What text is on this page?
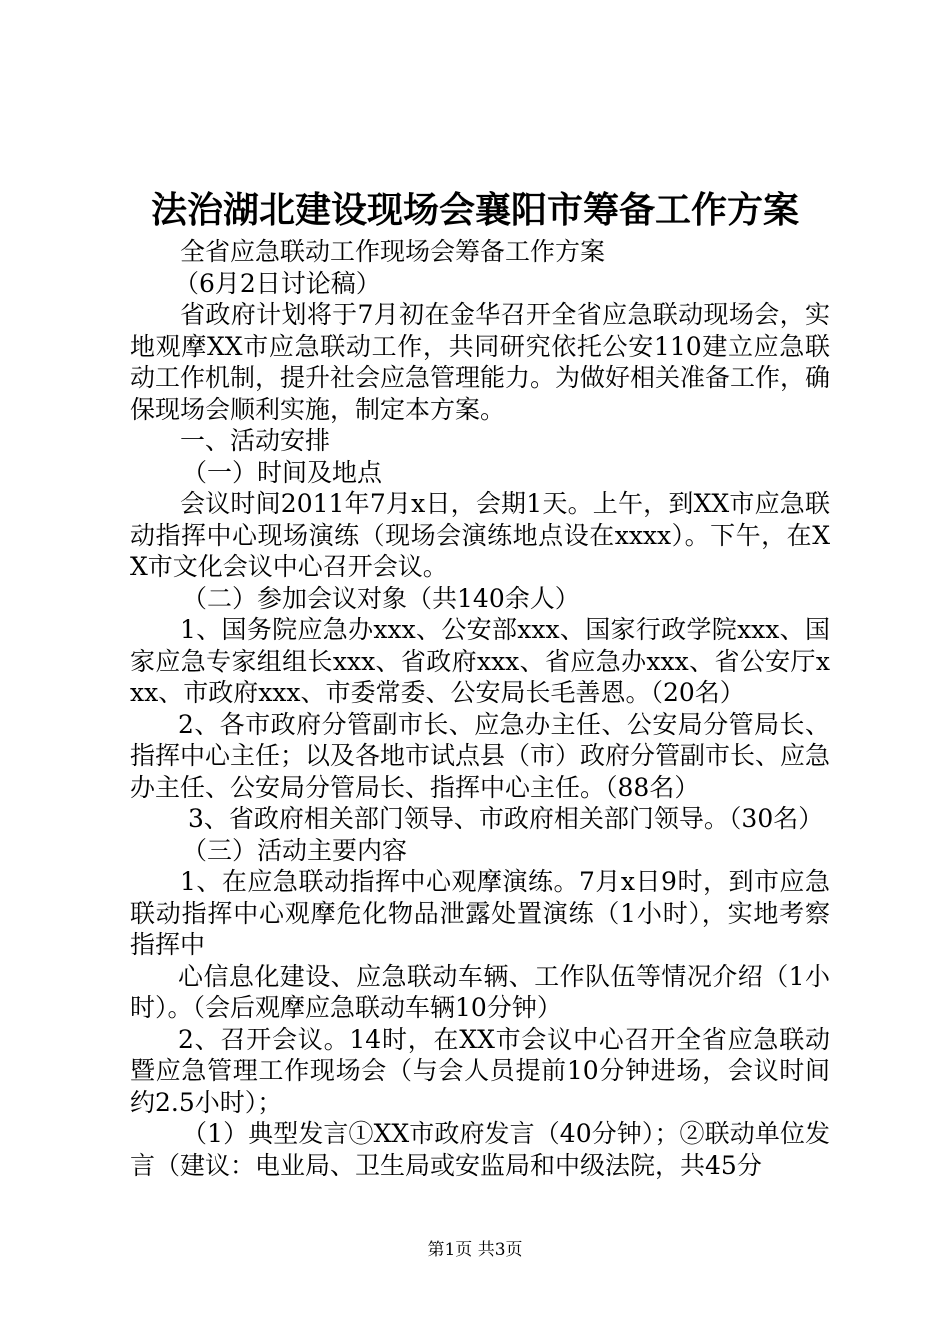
法治湖北建设现场会襄阳市筹备工作方案

全省应急联动工作现场会筹备工作方案

（6月2日讨论稿）

省政府计划将于7月初在金华召开全省应急联动现场会，实地观摩XX市应急联动工作，共同研究依托公安110建立应急联动工作机制，提升社会应急管理能力。为做好相关准备工作，确保现场会顺利实施，制定本方案。

一、活动安排

（一）时间及地点

会议时间2011年7月x日，会期1天。上午，到XX市应急联动指挥中心现场演练（现场会演练地点设在xxxx）。下午，在XX市文化会议中心召开会议。

（二）参加会议对象（共140余人）

1、国务院应急办xxx、公安部xxx、国家行政学院xxx、国家应急专家组组长xxx、省政府xxx、省应急办xxx、省公安厅xxx、市政府xxx、市委常委、公安局长毛善恩。（20名）

2、各市政府分管副市长、应急办主任、公安局分管局长、指挥中心主任；以及各地市试点县（市）政府分管副市长、应急办主任、公安局分管局长、指挥中心主任。（88名）

3、省政府相关部门领导、市政府相关部门领导。（30名）

（三）活动主要内容

1、在应急联动指挥中心观摩演练。7月x日9时，到市应急联动指挥中心观摩危化物品泄露处置演练（1小时），实地考察指挥中

心信息化建设、应急联动车辆、工作队伍等情况介绍（1小时）。（会后观摩应急联动车辆10分钟）

2、召开会议。14时，在XX市会议中心召开全省应急联动暨应急管理工作现场会（与会人员提前10分钟进场，会议时间约2.5小时）；

（1）典型发言①XX市政府发言（40分钟）；②联动单位发言（建议：电业局、卫生局或安监局和中级法院，共45分

第1页 共3页
